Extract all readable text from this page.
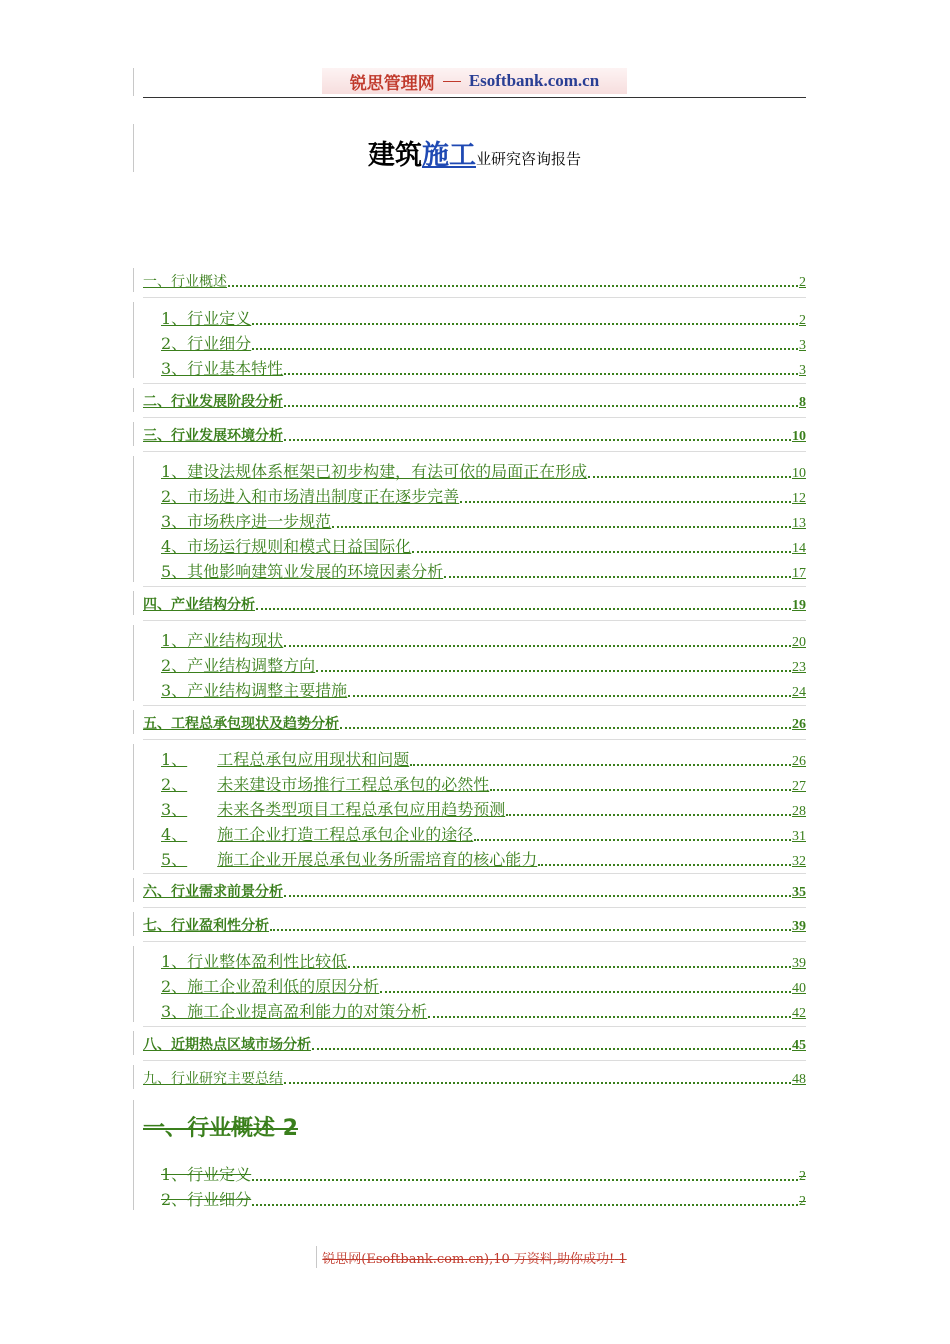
锐思管理网 Esoftbank.com.cn
建筑施工业研究咨询报告
一、行业概述	2
1、行业定义	2
2、行业细分	3
3、行业基本特性	3
二、行业发展阶段分析	8
三、行业发展环境分析	10
1、建设法规体系框架已初步构建，有法可依的局面正在形成	10
2、市场进入和市场清出制度正在逐步完善	12
3、市场秩序进一步规范	13
4、市场运行规则和模式日益国际化	14
5、其他影响建筑业发展的环境因素分析	17
四、产业结构分析	19
1、产业结构现状	20
2、产业结构调整方向	23
3、产业结构调整主要措施	24
五、工程总承包现状及趋势分析	26
1、 工程总承包应用现状和问题	26
2、 未来建设市场推行工程总承包的必然性	27
3、 未来各类型项目工程总承包应用趋势预测	28
4、 施工企业打造工程总承包企业的途径	31
5、 施工企业开展总承包业务所需培育的核心能力	32
六、行业需求前景分析	35
七、行业盈利性分析	39
1、行业整体盈利性比较低	39
2、施工企业盈利低的原因分析	40
3、施工企业提高盈利能力的对策分析	42
八、近期热点区域市场分析	45
九、行业研究主要总结	48
一、行业概述 2
1、行业定义	2
2、行业细分	2
锐思网(Esoftbank.com.cn),10 万资料,助你成功! 1
